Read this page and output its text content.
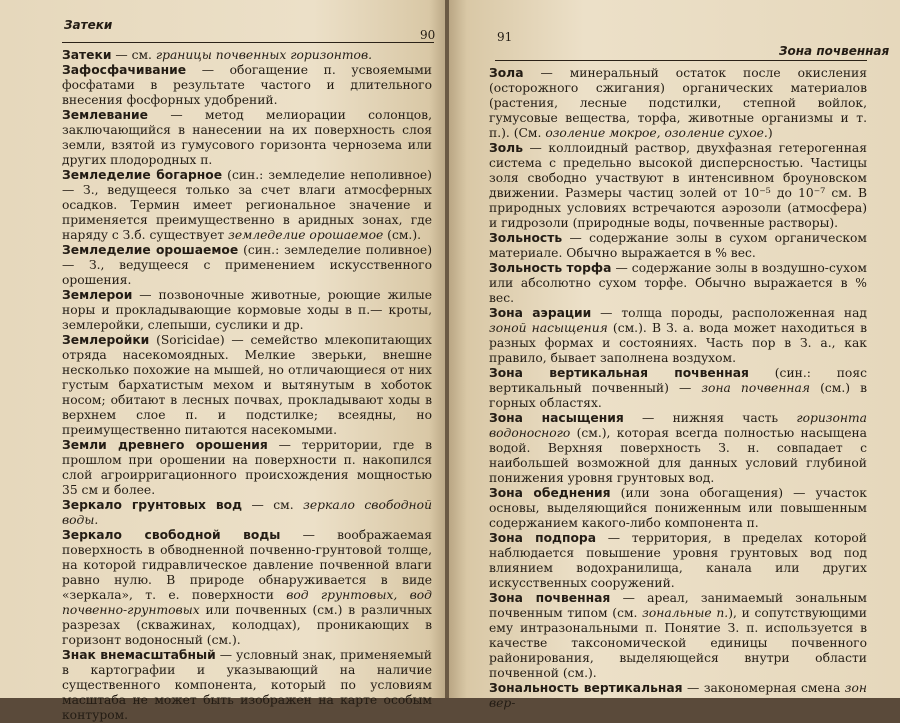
Затеки
90

Затеки — см. границы почвенных горизонтов.

Зафосфачивание — обогащение п. усвояемыми фосфатами в результате частого и длительного внесения фосфорных удобрений.

Землевание — метод мелиорации солонцов, заключающийся в нанесении на их поверхность слоя земли, взятой из гумусового горизонта чернозема или других плодородных п.

Земледелие богарное (син.: земледелие неполивное) — З., ведущееся только за счет влаги атмосферных осадков. Термин имеет региональное значение и применяется преимущественно в аридных зонах, где наряду с З.б. существует земледелие орошаемое (см.).

Земледелие орошаемое (син.: земледелие поливное) — З., ведущееся с применением искусственного орошения.

Землерои — позвоночные животные, роющие жилые норы и прокладывающие кормовые ходы в п.— кроты, землеройки, слепыши, суслики и др.

Землеройки (Soricidae) — семейство млекопитающих отряда насекомоядных. Мелкие зверьки, внешне несколько похожие на мышей, но отличающиеся от них густым бархатистым мехом и вытянутым в хоботок носом; обитают в лесных почвах, прокладывают ходы в верхнем слое п. и подстилке; всеядны, но преимущественно питаются насекомыми.

Земли древнего орошения — территории, где в прошлом при орошении на поверхности п. накопился слой агроирригационного происхождения мощностью 35 см и более.

Зеркало грунтовых вод — см. зеркало свободной воды.

Зеркало свободной воды — воображаемая поверхность в обводненной почвенно-грунтовой толще, на которой гидравлическое давление почвенной влаги равно нулю. В природе обнаруживается в виде «зеркала», т. е. поверхности вод грунтовых, вод почвенно-грунтовых или почвенных (см.) в различных разрезах (скважинах, колодцах), проникающих в горизонт водоносный (см.).

Знак внемасштабный — условный знак, применяемый в картографии и указывающий на наличие существенного компонента, который по условиям масштаба не может быть изображен на карте особым контуром.

91
Зона почвенная

Зола — минеральный остаток после окисления (осторожного сжигания) органических материалов (растения, лесные подстилки, степной войлок, гумусовые вещества, торфа, животные организмы и т. п.). (См. озоление мокрое, озоление сухое.)

Золь — коллоидный раствор, двухфазная гетерогенная система с предельно высокой дисперсностью. Частицы золя свободно участвуют в интенсивном броуновском движении. Размеры частиц золей от 10⁻⁵ до 10⁻⁷ см. В природных условиях встречаются аэрозоли (атмосфера) и гидрозоли (природные воды, почвенные растворы).

Зольность — содержание золы в сухом органическом материале. Обычно выражается в % вес.

Зольность торфа — содержание золы в воздушно-сухом или абсолютно сухом торфе. Обычно выражается в % вес.

Зона аэрации — толща породы, расположенная над зоной насыщения (см.). В З. а. вода может находиться в разных формах и состояниях. Часть пор в З. а., как правило, бывает заполнена воздухом.

Зона вертикальная почвенная (син.: пояс вертикальный почвенный) — зона почвенная (см.) в горных областях.

Зона насыщения — нижняя часть горизонта водоносного (см.), которая всегда полностью насыщена водой. Верхняя поверхность З. н. совпадает с наибольшей возможной для данных условий глубиной понижения уровня грунтовых вод.

Зона обеднения (или зона обогащения) — участок основы, выделяющийся пониженным или повышенным содержанием какого-либо компонента п.

Зона подпора — территория, в пределах которой наблюдается повышение уровня грунтовых вод под влиянием водохранилища, канала или других искусственных сооружений.

Зона почвенная — ареал, занимаемый зональным почвенным типом (см. зональные п.), и сопутствующими ему интразональными п. Понятие З. п. используется в качестве таксономической единицы почвенного районирования, выделяющейся внутри области почвенной (см.).

Зональность вертикальная — закономерная смена зон вер-
